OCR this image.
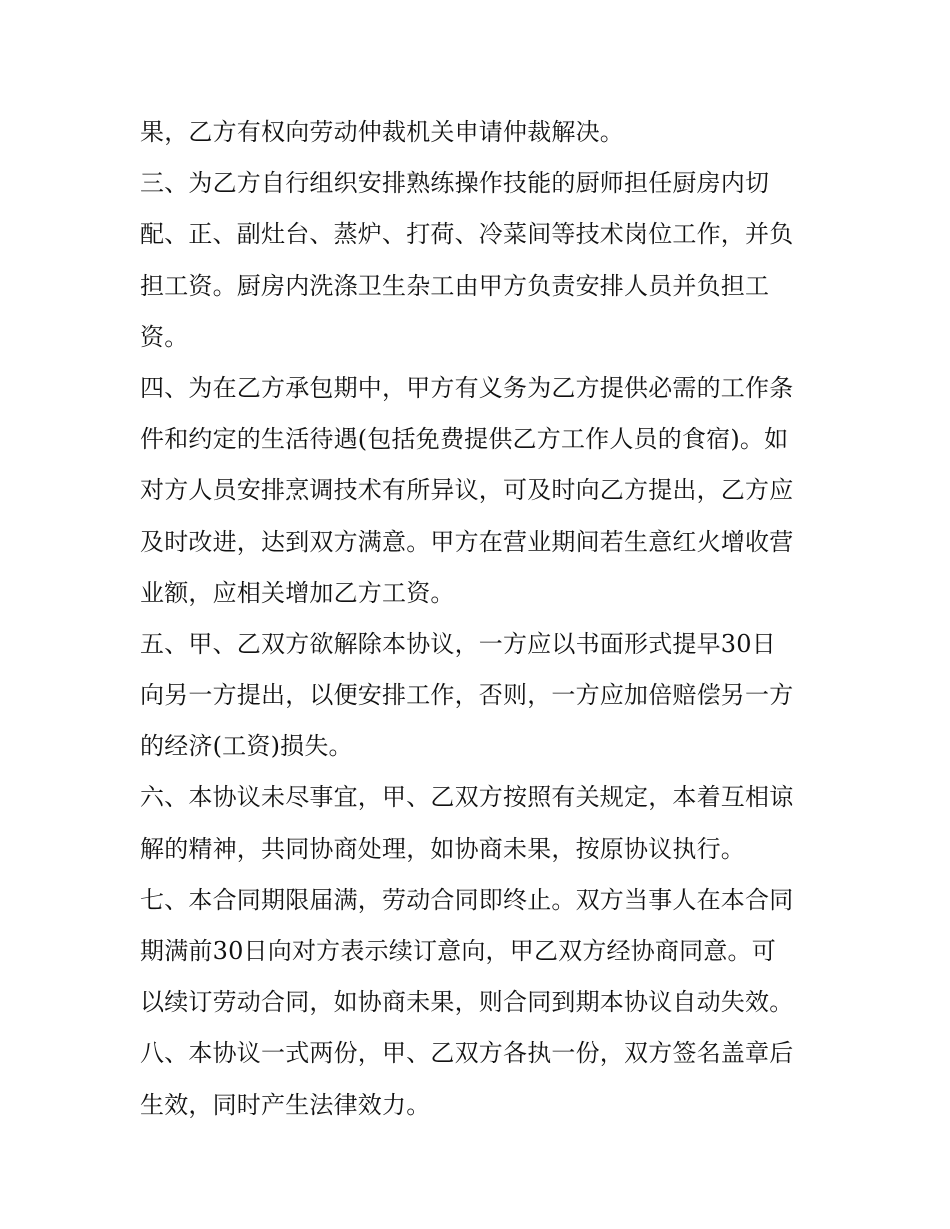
果，乙方有权向劳动仲裁机关申请仲裁解决。
三、为乙方自行组织安排熟练操作技能的厨师担任厨房内切
配、正、副灶台、蒸炉、打荷、冷菜间等技术岗位工作，并负
担工资。厨房内洗涤卫生杂工由甲方负责安排人员并负担工
资。
四、为在乙方承包期中，甲方有义务为乙方提供必需的工作条
件和约定的生活待遇(包括免费提供乙方工作人员的食宿)。如
对方人员安排烹调技术有所异议，可及时向乙方提出，乙方应
及时改进，达到双方满意。甲方在营业期间若生意红火增收营
业额，应相关增加乙方工资。
五、甲、乙双方欲解除本协议，一方应以书面形式提早30日
向另一方提出，以便安排工作，否则，一方应加倍赔偿另一方
的经济(工资)损失。
六、本协议未尽事宜，甲、乙双方按照有关规定，本着互相谅
解的精神，共同协商处理，如协商未果，按原协议执行。
七、本合同期限届满，劳动合同即终止。双方当事人在本合同
期满前30日向对方表示续订意向，甲乙双方经协商同意。可
以续订劳动合同，如协商未果，则合同到期本协议自动失效。
八、本协议一式两份，甲、乙双方各执一份，双方签名盖章后
生效，同时产生法律效力。
